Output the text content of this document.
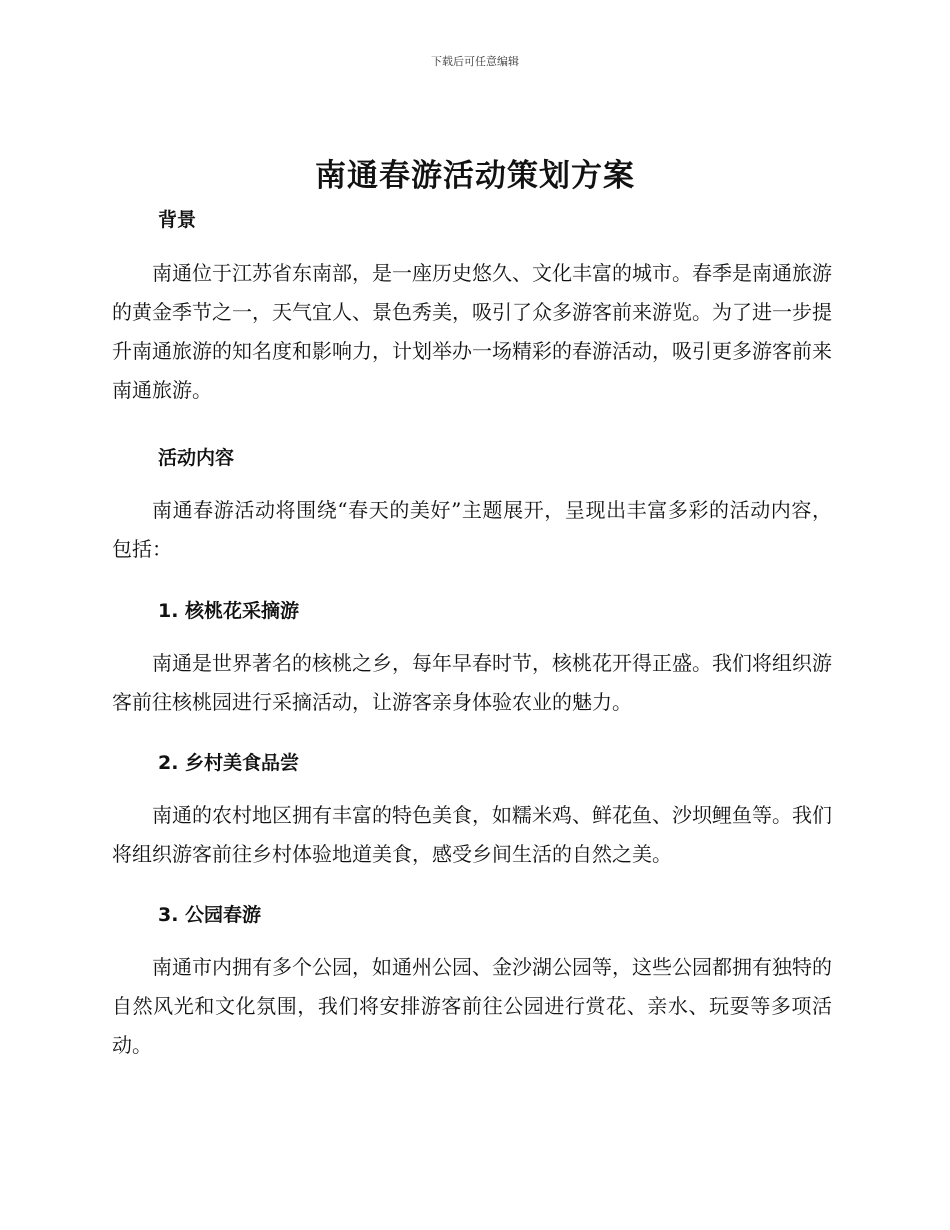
下载后可任意编辑
南通春游活动策划方案
背景
南通位于江苏省东南部，是一座历史悠久、文化丰富的城市。春季是南通旅游的黄金季节之一，天气宜人、景色秀美，吸引了众多游客前来游览。为了进一步提升南通旅游的知名度和影响力，计划举办一场精彩的春游活动，吸引更多游客前来南通旅游。
活动内容
南通春游活动将围绕“春天的美好”主题展开，呈现出丰富多彩的活动内容，包括：
1. 核桃花采摘游
南通是世界著名的核桃之乡，每年早春时节，核桃花开得正盛。我们将组织游客前往核桃园进行采摘活动，让游客亲身体验农业的魅力。
2. 乡村美食品尝
南通的农村地区拥有丰富的特色美食，如糯米鸡、鲜花鱼、沙坝鲤鱼等。我们将组织游客前往乡村体验地道美食，感受乡间生活的自然之美。
3. 公园春游
南通市内拥有多个公园，如通州公园、金沙湖公园等，这些公园都拥有独特的自然风光和文化氛围，我们将安排游客前往公园进行赏花、亲水、玩耍等多项活动。
